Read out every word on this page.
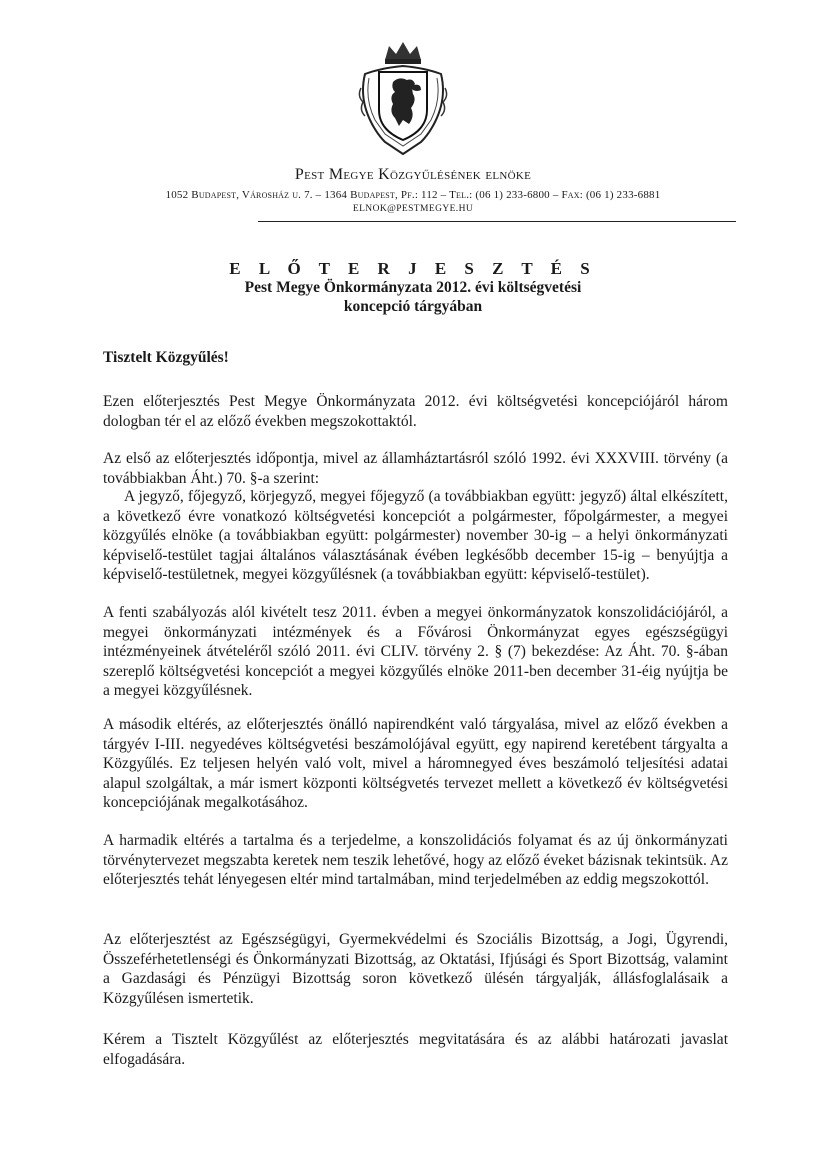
Pest Megye Közgyűlésének elnöke

1052 Budapest, Városház u. 7. – 1364 Budapest, Pf.: 112 – Tel.: (06 1) 233-6800 – Fax: (06 1) 233-6881
ELNOK@PESTMEGYE.HU

E L Ő T E R J E S Z T É S

Pest Megye Önkormányzata 2012. évi költségvetési
koncepció tárgyában

Tisztelt Közgyűlés!

Ezen előterjesztés Pest Megye Önkormányzata 2012. évi költségvetési koncepciójáról három dologban tér el az előző években megszokottaktól.

Az első az előterjesztés időpontja, mivel az államháztartásról szóló 1992. évi XXXVIII. törvény (a továbbiakban Áht.) 70. §-a szerint:

A jegyző, főjegyző, körjegyző, megyei főjegyző (a továbbiakban együtt: jegyző) által elkészített, a következő évre vonatkozó költségvetési koncepciót a polgármester, főpolgármester, a megyei közgyűlés elnöke (a továbbiakban együtt: polgármester) november 30-ig – a helyi önkormányzati képviselő-testület tagjai általános választásának évében legkésőbb december 15-ig – benyújtja a képviselő-testületnek, megyei közgyűlésnek (a továbbiakban együtt: képviselő-testület).

A fenti szabályozás alól kivételt tesz 2011. évben a megyei önkormányzatok konszolidációjáról, a megyei önkormányzati intézmények és a Fővárosi Önkormányzat egyes egészségügyi intézményeinek átvételéről szóló 2011. évi CLIV. törvény 2. § (7) bekezdése: Az Áht. 70. §-ában szereplő költségvetési koncepciót a megyei közgyűlés elnöke 2011-ben december 31-éig nyújtja be a megyei közgyűlésnek.

A második eltérés, az előterjesztés önálló napirendként való tárgyalása, mivel az előző években a tárgyév I-III. negyedéves költségvetési beszámolójával együtt, egy napirend keretébent tárgyalta a Közgyűlés. Ez teljesen helyén való volt, mivel a háromnegyed éves beszámoló teljesítési adatai alapul szolgáltak, a már ismert központi költségvetés tervezet mellett a következő év költségvetési koncepciójának megalkotásához.

A harmadik eltérés a tartalma és a terjedelme, a konszolidációs folyamat és az új önkormányzati törvénytervezet megszabta keretek nem teszik lehetővé, hogy az előző éveket bázisnak tekintsük. Az előterjesztés tehát lényegesen eltér mind tartalmában, mind terjedelmében az eddig megszokottól.

Az előterjesztést az Egészségügyi, Gyermekvédelmi és Szociális Bizottság, a Jogi, Ügyrendi, Összeférhetetlenségi és Önkormányzati Bizottság, az Oktatási, Ifjúsági és Sport Bizottság, valamint a Gazdasági és Pénzügyi Bizottság soron következő ülésén tárgyalják, állásfoglalásaik a Közgyűlésen ismertetik.

Kérem a Tisztelt Közgyűlést az előterjesztés megvitatására és az alábbi határozati javaslat elfogadására.
